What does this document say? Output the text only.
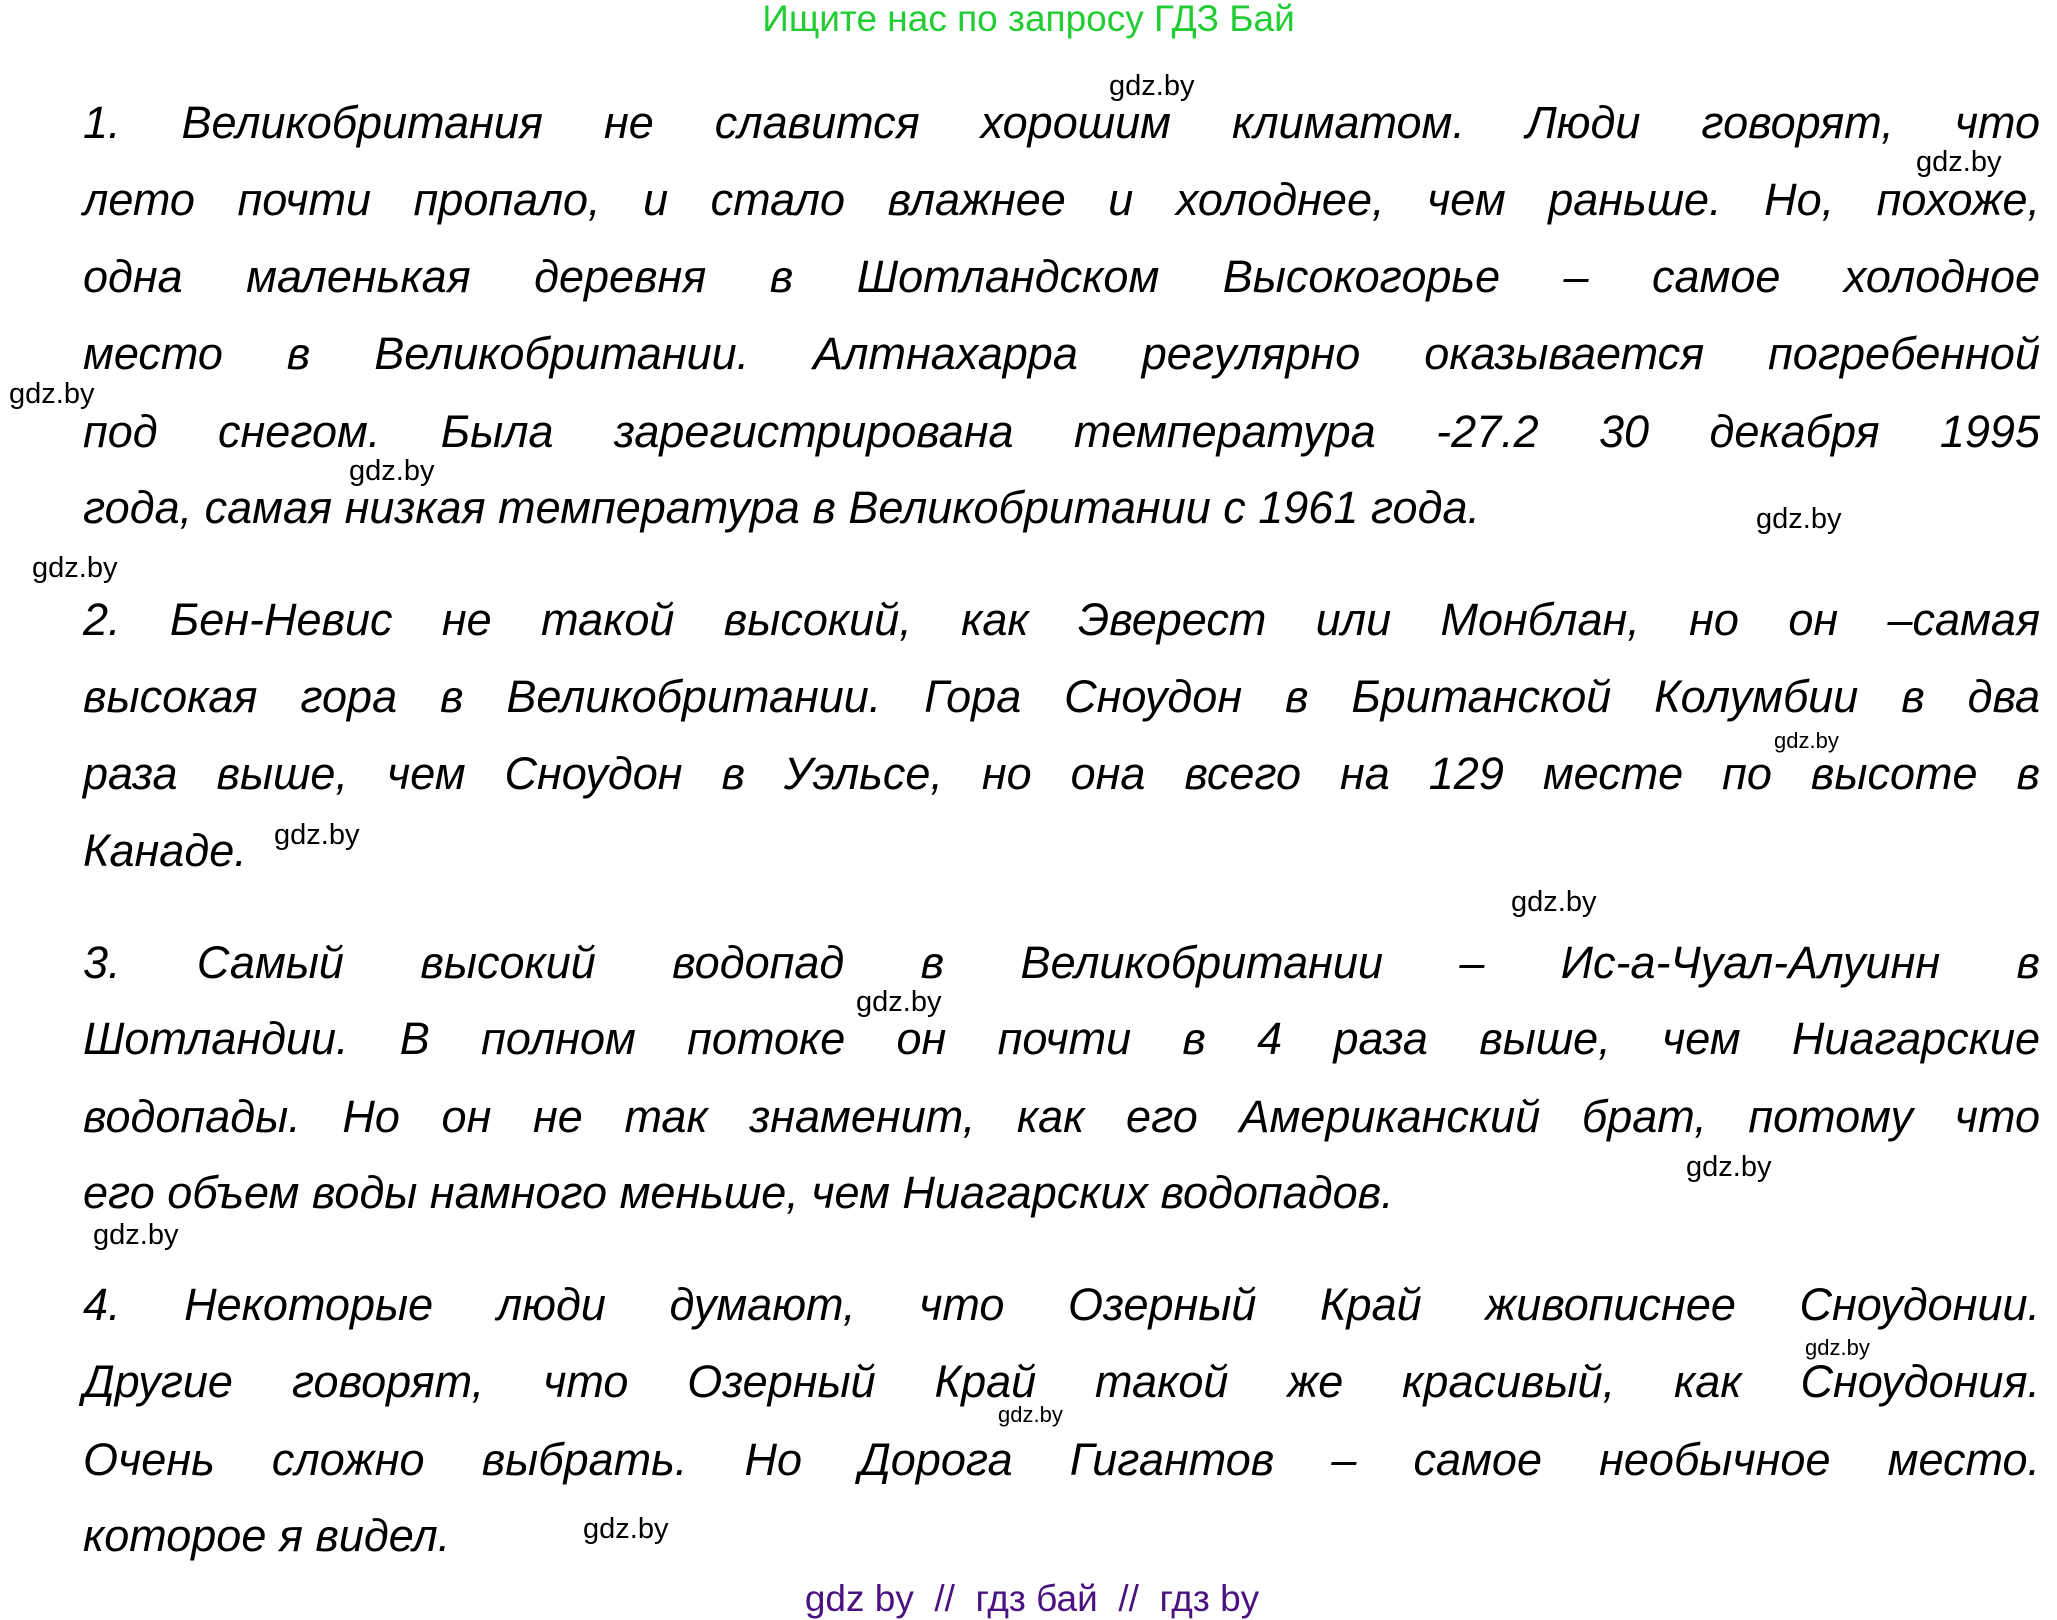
Ищите нас по запросу ГДЗ Бай
1. Великобритания не славится хорошим климатом. Люди говорят, что
лето почти пропало, и стало влажнее и холоднее, чем раньше. Но, похоже,
одна маленькая деревня в Шотландском Высокогорье – самое холодное
место в Великобритании. Алтнахарра регулярно оказывается погребенной
под снегом. Была зарегистрирована температура -27.2 30 декабря 1995
года, самая низкая температура в Великобритании с 1961 года.
2. Бен-Невис не такой высокий, как Эверест или Монблан, но он –самая
высокая гора в Великобритании. Гора Сноудон в Британской Колумбии в два
раза выше, чем Сноудон в Уэльсе, но она всего на 129 месте по высоте в
Канаде.
3. Самый высокий водопад в Великобритании – Ис-а-Чуал-Алуинн в
Шотландии. В полном потоке он почти в 4 раза выше, чем Ниагарские
водопады. Но он не так знаменит, как его Американский брат, потому что
его объем воды намного меньше, чем Ниагарских водопадов.
4. Некоторые люди думают, что Озерный Край живописнее Сноудонии.
Другие говорят, что Озерный Край такой же красивый, как Сноудония.
Очень сложно выбрать. Но Дорога Гигантов – самое необычное место.
которое я видел.
gdz.by
gdz.by
gdz.by
gdz.by
gdz.by
gdz.by
gdz.by
gdz.by
gdz.by
gdz.by
gdz.by
gdz.by
gdz.by
gdz.by
gdz.by
gdz by  //  гдз бай  //  гдз by
